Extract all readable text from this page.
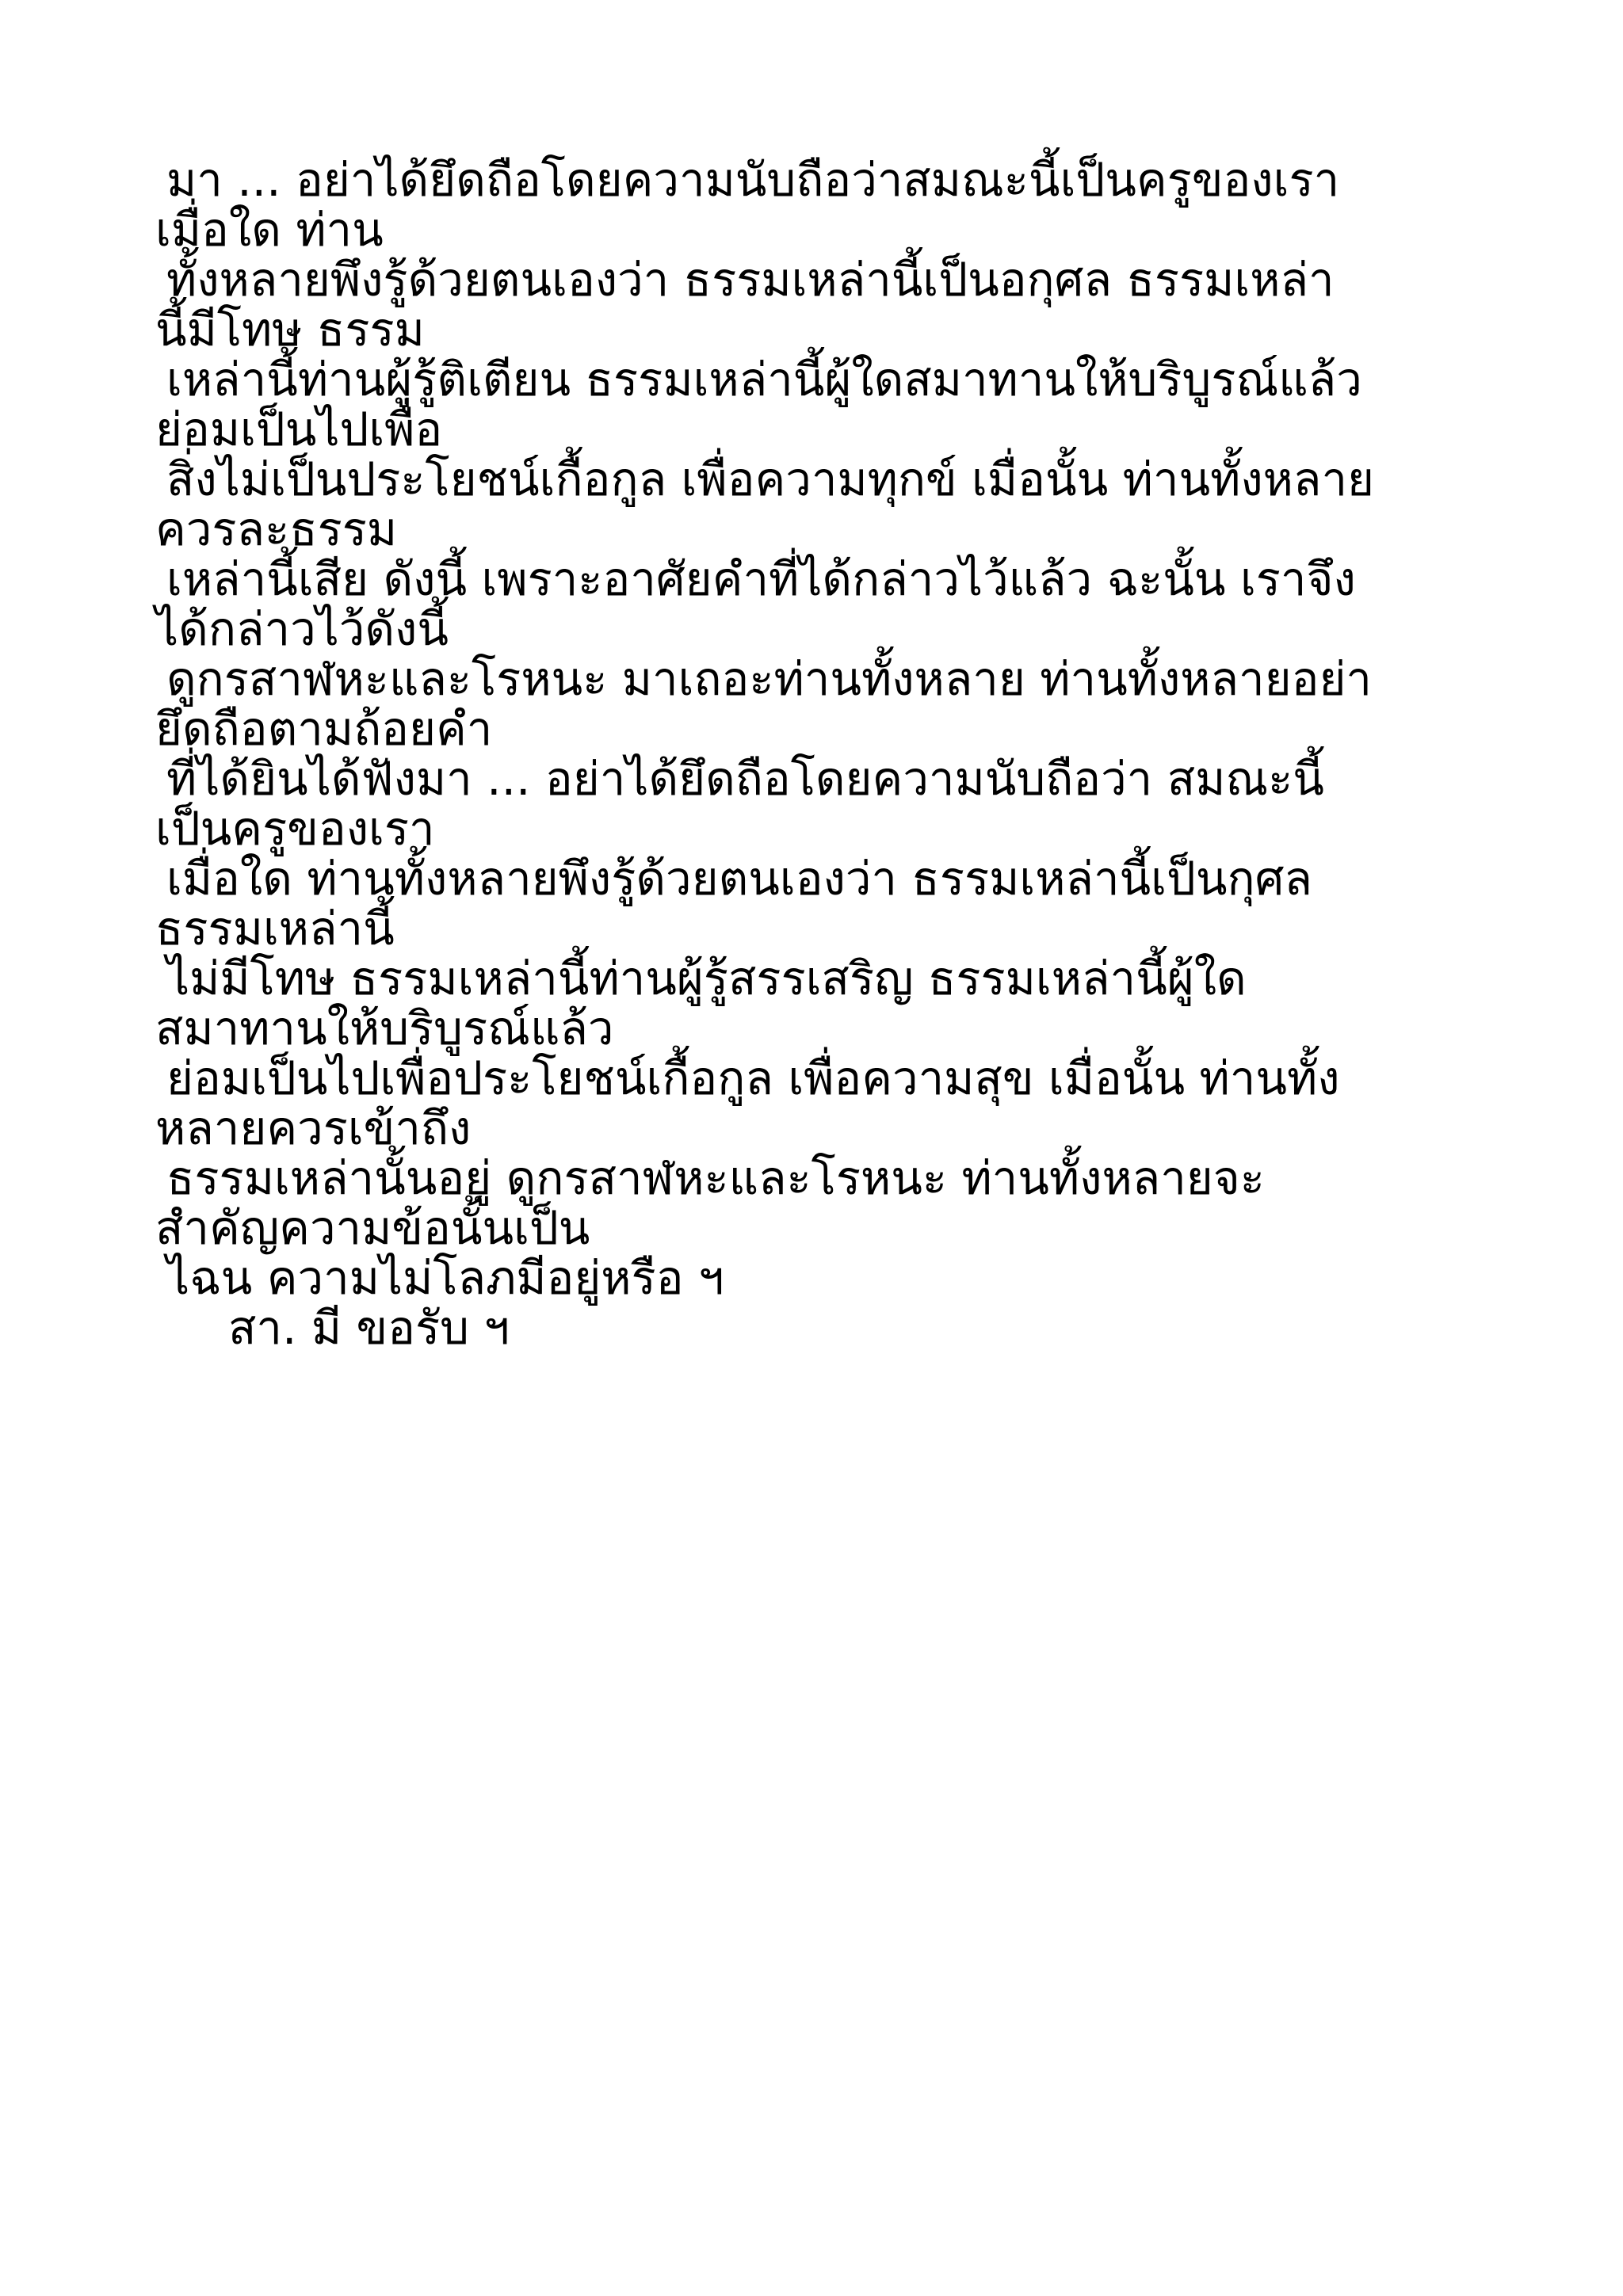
มา ... อย่าได้ยึดถือโดยความนับถือว่าสมณะนี้เป็นครูของเรา
เมื่อใด ท่าน
ทั้งหลายพึงรู้ด้วยตนเองว่า ธรรมเหล่านี้เป็นอกุศล ธรรมเหล่า
นี้มีโทษ ธรรม
เหล่านี้ท่านผู้รู้ติเตียน ธรรมเหล่านี้ผู้ใดสมาทานให้บริบูรณ์แล้ว
ย่อมเป็นไปเพื่อ
สิ่งไม่เป็นประโยชน์เกื้อกูล เพื่อความทุกข์ เมื่อนั้น ท่านทั้งหลาย
ควรละธรรม
เหล่านี้เสีย ดังนี้ เพราะอาศัยคำที่ได้กล่าวไว้แล้ว ฉะนั้น เราจึง
ได้กล่าวไว้ดังนี้
ดูกรสาฬหะและโรหนะ มาเถอะท่านทั้งหลาย ท่านทั้งหลายอย่า
ยึดถือตามถ้อยคำ
ที่ได้ยินได้ฟังมา ... อย่าได้ยึดถือโดยความนับถือว่า สมณะนี้
เป็นครูของเรา
เมื่อใด ท่านทั้งหลายพึงรู้ด้วยตนเองว่า ธรรมเหล่านี้เป็นกุศล
ธรรมเหล่านี้
ไม่มีโทษ ธรรมเหล่านี้ท่านผู้รู้สรรเสริญ ธรรมเหล่านี้ผู้ใด
สมาทานให้บริบูรณ์แล้ว
ย่อมเป็นไปเพื่อประโยชน์เกื้อกูล เพื่อความสุข เมื่อนั้น ท่านทั้ง
หลายควรเข้าถึง
ธรรมเหล่านั้นอยู่ ดูกรสาฬหะและโรหนะ ท่านทั้งหลายจะ
สำคัญความข้อนั้นเป็น
ไฉน ความไม่โลภมีอยู่หรือ ฯ
สา. มี ขอรับ ฯ
